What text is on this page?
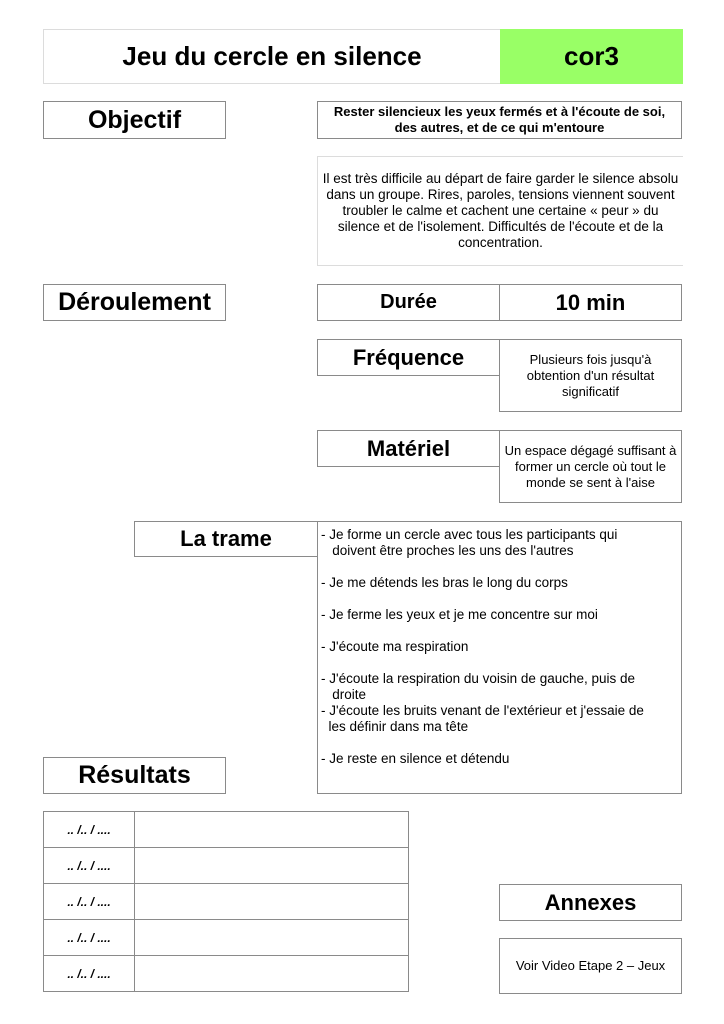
Jeu du cercle en silence	cor3
Objectif	Rester silencieux les yeux fermés et à l'écoute de soi, des autres, et de ce qui m'entoure
Il est très difficile au départ de faire garder le silence absolu dans un groupe. Rires, paroles, tensions viennent souvent troubler le calme et cachent une certaine « peur » du silence et de l'isolement. Difficultés de l'écoute et de la concentration.
Déroulement	Durée	10 min
Fréquence	Plusieurs fois jusqu'à obtention d'un résultat significatif
Matériel	Un espace dégagé suffisant à former un cercle où tout le monde se sent à l'aise
La trame	- Je forme un cercle avec tous les participants qui

doivent être proches les uns des l'autres

- Je me détends les bras le long du corps

- Je ferme les yeux et je me concentre sur moi

- J'écoute ma respiration

- J'écoute la respiration du voisin de gauche, puis de

droite

- J'écoute les bruits venant de l'extérieur et j'essaie de

les définir dans ma tête

- Je reste en silence et détendu

Résultats
.. /.. / ....	
.. /.. / ....	
.. /.. / ....	
.. /.. / ....	
.. /.. / ....	
Annexes
Voir Video Etape 2 – Jeux
